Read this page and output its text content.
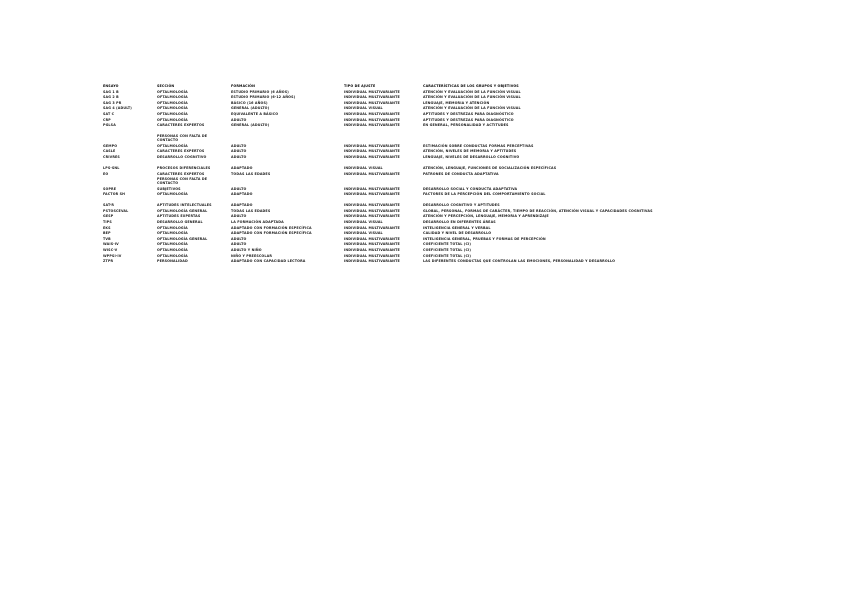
ENSAYO	SECCIÓN	FORMACIÓN	TIPO DE AJUSTE	CARACTERÍSTICAS DE LOS GRUPOS Y OBJETIVOS
SAG 1 B	OFTALMOLOGÍA	ESTUDIO PRIMARIO (6 AÑOS)	INDIVIDUAL MULTIVARIANTE	ATENCIÓN Y EVALUACIÓN DE LA FUNCIÓN VISUAL
SAG 2 B	OFTALMOLOGÍA	ESTUDIO PRIMARIO (6-12 AÑOS)	INDIVIDUAL MULTIVARIANTE	ATENCIÓN Y EVALUACIÓN DE LA FUNCIÓN VISUAL
SAG 3 PR	OFTALMOLOGÍA	BÁSICO (16 AÑOS)	INDIVIDUAL MULTIVARIANTE	LENGUAJE, MEMORIA Y ATENCIÓN
SAG 4 (ADULT)	OFTALMOLOGÍA	GENERAL (ADULTO)	INDIVIDUAL VISUAL	ATENCIÓN Y EVALUACIÓN DE LA FUNCIÓN VISUAL
SAT C	OFTALMOLOGÍA	EQUIVALENTE A BÁSICO	INDIVIDUAL MULTIVARIANTE	APTITUDES Y DESTREZAS PARA DIAGNÓSTICO
CRP	OFTALMOLOGÍA	ADULTO	INDIVIDUAL MULTIVARIANTE	APTITUDES Y DESTREZAS PARA DIAGNÓSTICO
PGLSA	CARACTERES EXPERTOS	GENERAL (ADULTO)	INDIVIDUAL MULTIVARIANTE	EN GENERAL, PERSONALIDAD Y ACTITUDES
PERSONAS CON FALTA DE CONTACTO
GEMPO	OFTALMOLOGÍA	ADULTO	INDIVIDUAL MULTIVARIANTE	ESTIMACIÓN SOBRE CONDUCTAS FORMAS PERCEPTIVAS
CASLE	CARACTERES EXPERTOS	ADULTO	INDIVIDUAL MULTIVARIANTE	ATENCIÓN, NIVELES DE MEMORIA Y APTITUDES
CRIVRES	DESARROLLO COGNITIVO	ADULTO	INDIVIDUAL MULTIVARIANTE	LENGUAJE, NIVELES DE DESARROLLO COGNITIVO
LPS-SNL	PROCESOS DIFERENCIALES	ADAPTADO	INDIVIDUAL VISUAL	ATENCIÓN, LENGUAJE, FUNCIONES DE SOCIALIZACIÓN ESPECÍFICAS
EO	CARACTERES EXPERTOS	TODAS LAS EDADES	INDIVIDUAL MULTIVARIANTE	PATRONES DE CONDUCTA ADAPTATIVA
PERSONAS CON FALTA DE CONTACTO
SOPRE	SUBJETIVOS	ADULTO	INDIVIDUAL MULTIVARIANTE	DESARROLLO SOCIAL Y CONDUCTA ADAPTATIVA
FACTOR SH	OFTALMOLOGÍA	ADAPTADO	INDIVIDUAL MULTIVARIANTE	FACTORES DE LA PERCEPCIÓN DEL COMPORTAMIENTO SOCIAL
SAT-R	APTITUDES INTELECTUALES	ADAPTADO	INDIVIDUAL MULTIVARIANTE	DESARROLLO COGNITIVO Y APTITUDES
PSTOSCEVAL	OFTALMOLOGÍA GENERAL	TODAS LAS EDADES	INDIVIDUAL MULTIVARIANTE	GLOBAL, PERSONAL, FORMAS DE CARÁCTER, TIEMPO DE REACCIÓN, ATENCIÓN VISUAL Y CAPACIDADES COGNITIVAS
GESP	APTITUDES EXPERTAS	ADULTO	INDIVIDUAL MULTIVARIANTE	ATENCIÓN Y PERCEPCIÓN, LENGUAJE, MEMORIA Y APRENDIZAJE
TIPS	DESARROLLO GENERAL	LA FORMACIÓN ADAPTADA	INDIVIDUAL VISUAL	DESARROLLO EN DIFERENTES ÁREAS
EKS	OFTALMOLOGÍA	ADAPTADO CON FORMACIÓN ESPECÍFICA	INDIVIDUAL MULTIVARIANTE	INTELIGENCIA GENERAL Y VERBAL
BEP	OFTALMOLOGÍA	ADAPTADO CON FORMACIÓN ESPECÍFICA	INDIVIDUAL VISUAL	CALIDAD Y NIVEL DE DESARROLLO
TVB	OFTALMOLOGÍA GENERAL	ADULTO	INDIVIDUAL MULTIVARIANTE	INTELIGENCIA GENERAL, PRUEBAS Y FORMAS DE PERCEPCIÓN
WAIS-IV	OFTALMOLOGÍA	ADULTO	INDIVIDUAL MULTIVARIANTE	COEFICIENTE TOTAL (CI)
WISC-V	OFTALMOLOGÍA	ADULTO Y NIÑO	INDIVIDUAL MULTIVARIANTE	COEFICIENTE TOTAL (CI)
WPPSI-IV	OFTALMOLOGÍA	NIÑO Y PREESCOLAR	INDIVIDUAL MULTIVARIANTE	COEFICIENTE TOTAL (CI)
ZTPR	PERSONALIDAD	ADAPTADO CON CAPACIDAD LECTORA	INDIVIDUAL MULTIVARIANTE	LAS DIFERENTES CONDUCTAS QUE CONTROLAN LAS EMOCIONES, PERSONALIDAD Y DESARROLLO
